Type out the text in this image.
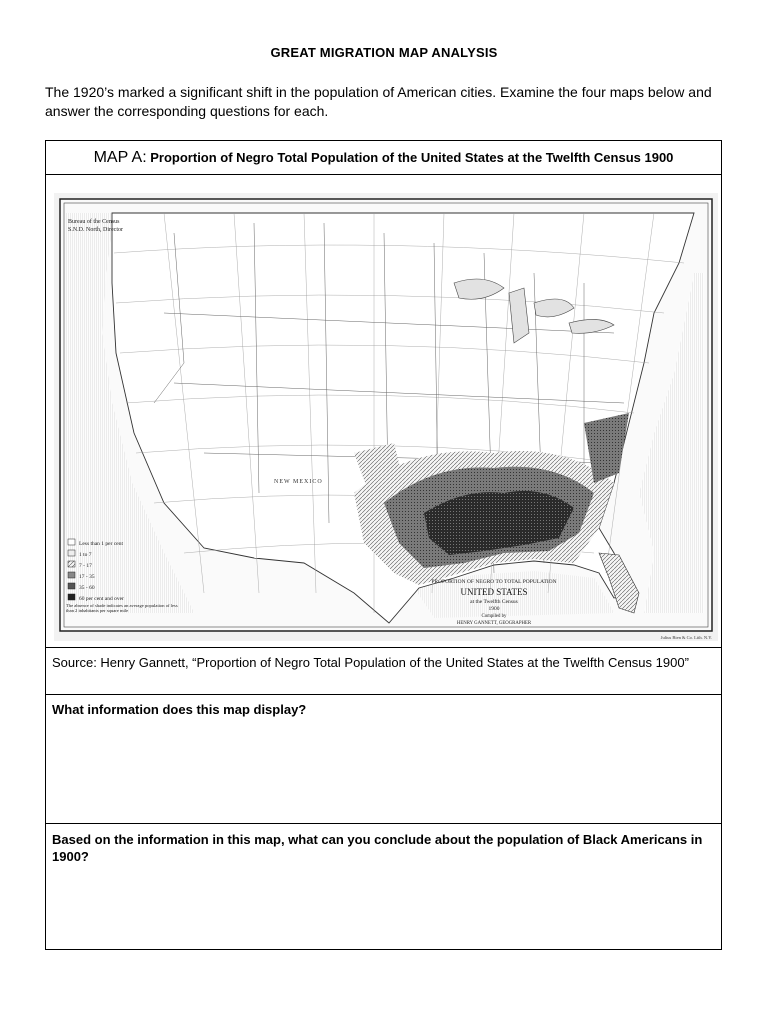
GREAT MIGRATION MAP ANALYSIS
The 1920’s marked a significant shift in the population of American cities. Examine the four maps below and answer the corresponding questions for each.
MAP A: Proportion of Negro Total Population of the United States at the Twelfth Census 1900
Bureau of the Census
S.N.D. North, Director
NEW MEXICO
Less than 1 per cent
1 to 7
7 - 17
17 - 35
35 - 60
60 per cent and over
The absence of shade indicates an average population of less than 2 inhabitants per square mile
PROPORTION OF NEGRO TO TOTAL POPULATION
UNITED STATES
at the Twelfth Census
1900
Compiled by
HENRY GANNETT, GEOGRAPHER
Julius Bien & Co. Lith. N.Y.
Source: Henry Gannett, “Proportion of Negro Total Population of the United States at the Twelfth Census 1900”
What information does this map display?
Based on the information in this map, what can you conclude about the population of Black Americans in 1900?
